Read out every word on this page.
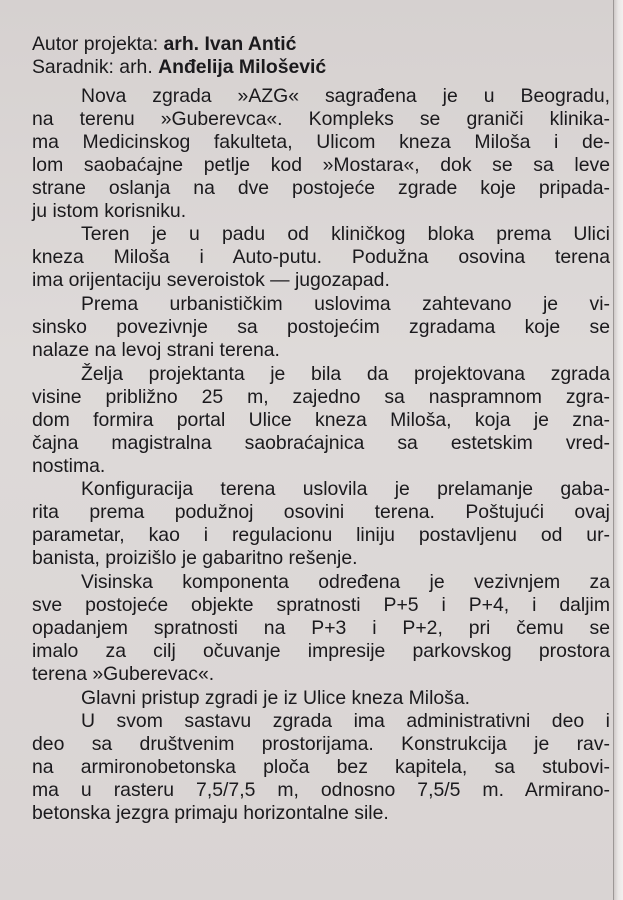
Autor projekta: arh. Ivan Antić

Saradnik: arh. Anđelija Milošević

Nova zgrada »AZG« sagrađena je u Beogradu,
na terenu »Guberevca«. Kompleks se graniči klinika-
ma Medicinskog fakulteta, Ulicom kneza Miloša i de-
lom saobaćajne petlje kod »Mostara«, dok se sa leve
strane oslanja na dve postojeće zgrade koje pripada-
ju istom korisniku.
Teren je u padu od kliničkog bloka prema Ulici
kneza Miloša i Auto-putu. Podužna osovina terena
ima orijentaciju severoistok — jugozapad.
Prema urbanističkim uslovima zahtevano je vi-
sinsko povezivnje sa postojećim zgradama koje se
nalaze na levoj strani terena.
Želja projektanta je bila da projektovana zgrada
visine približno 25 m, zajedno sa naspramnom zgra-
dom formira portal Ulice kneza Miloša, koja je zna-
čajna magistralna saobraćajnica sa estetskim vred-
nostima.
Konfiguracija terena uslovila je prelamanje gaba-
rita prema podužnoj osovini terena. Poštujući ovaj
parametar, kao i regulacionu liniju postavljenu od ur-
banista, proizišlo je gabaritno rešenje.
Visinska komponenta određena je vezivnjem za
sve postojeće objekte spratnosti P+5 i P+4, i daljim
opadanjem spratnosti na P+3 i P+2, pri čemu se
imalo za cilj očuvanje impresije parkovskog prostora
terena »Guberevac«.
Glavni pristup zgradi je iz Ulice kneza Miloša.
U svom sastavu zgrada ima administrativni deo i
deo sa društvenim prostorijama. Konstrukcija je rav-
na armironobetonska ploča bez kapitela, sa stubovi-
ma u rasteru 7,5/7,5 m, odnosno 7,5/5 m. Armirano-
betonska jezgra primaju horizontalne sile.
